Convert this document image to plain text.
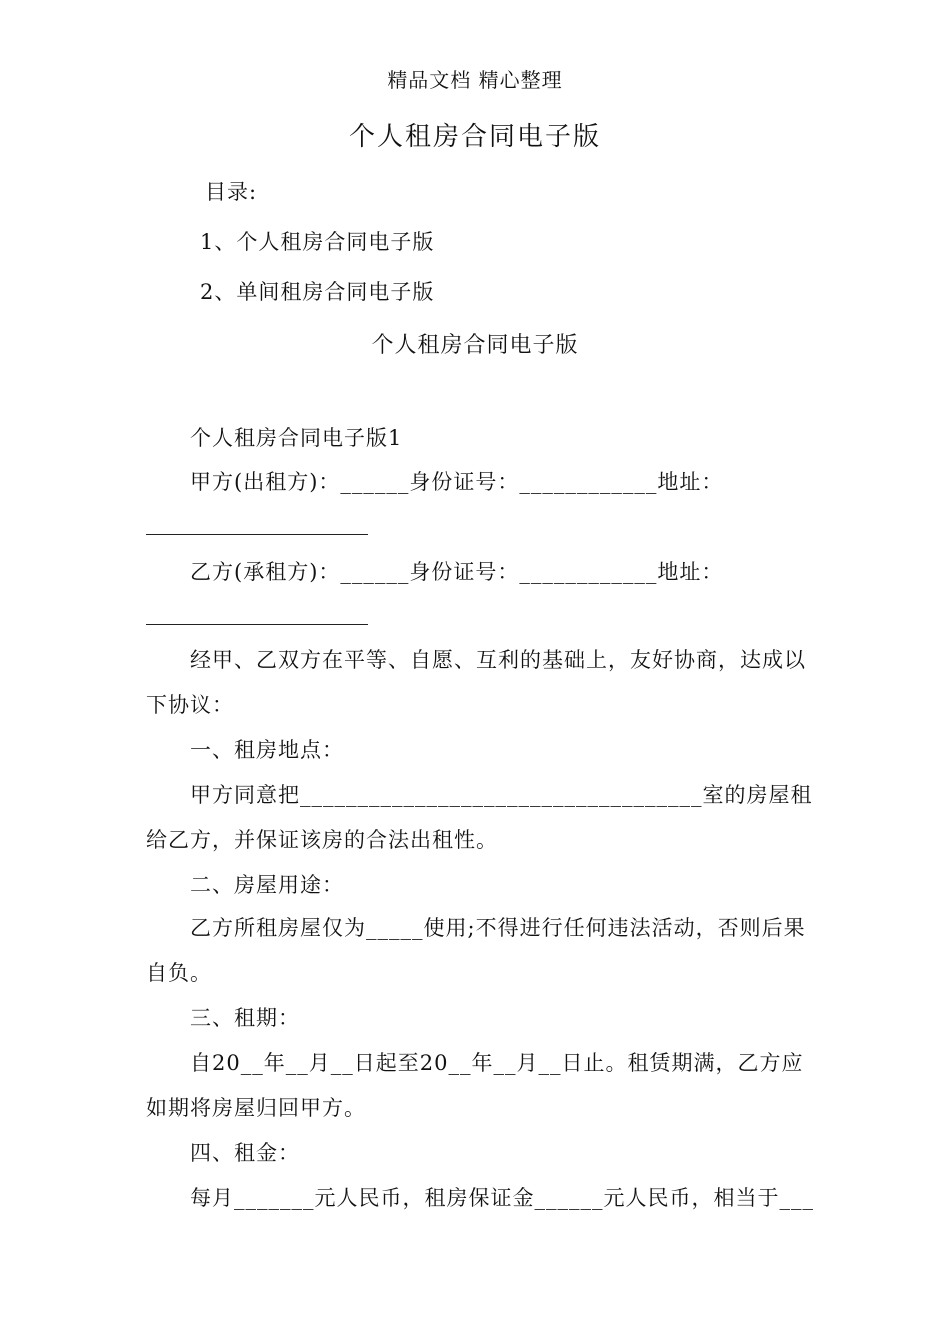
精品文档 精心整理
个人租房合同电子版
目录:
1、个人租房合同电子版
2、单间租房合同电子版
个人租房合同电子版
个人租房合同电子版1
甲方(出租方)：______身份证号：____________地址：
乙方(承租方)：______身份证号：____________地址：
经甲、乙双方在平等、自愿、互利的基础上，友好协商，达成以
下协议：
一、租房地点：
甲方同意把___________________________________室的房屋租
给乙方，并保证该房的合法出租性。
二、房屋用途：
乙方所租房屋仅为_____使用;不得进行任何违法活动，否则后果
自负。
三、租期：
自20__年__月__日起至20__年__月__日止。租赁期满，乙方应
如期将房屋归回甲方。
四、租金：
每月_______元人民币，租房保证金______元人民币，相当于___
